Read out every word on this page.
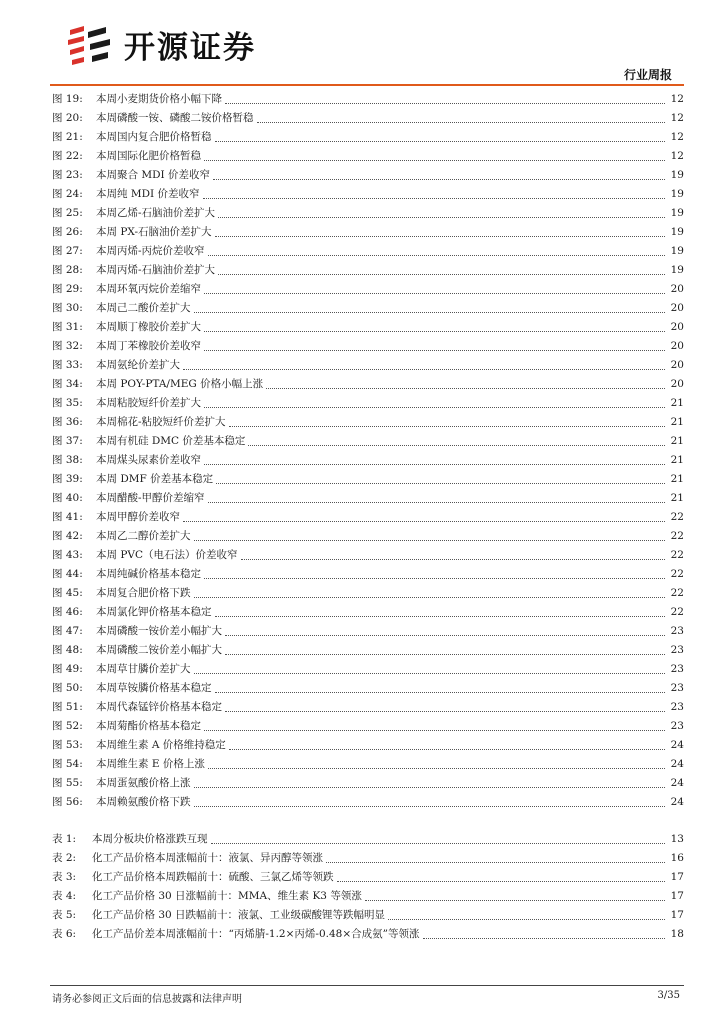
开源证券
行业周报
图 19:	本周小麦期货价格小幅下降	12
图 20:	本周磷酸一铵、磷酸二铵价格暂稳	12
图 21:	本周国内复合肥价格暂稳	12
图 22:	本周国际化肥价格暂稳	12
图 23:	本周聚合 MDI 价差收窄	19
图 24:	本周纯 MDI 价差收窄	19
图 25:	本周乙烯-石脑油价差扩大	19
图 26:	本周 PX-石脑油价差扩大	19
图 27:	本周丙烯-丙烷价差收窄	19
图 28:	本周丙烯-石脑油价差扩大	19
图 29:	本周环氧丙烷价差缩窄	20
图 30:	本周己二酸价差扩大	20
图 31:	本周顺丁橡胶价差扩大	20
图 32:	本周丁苯橡胶价差收窄	20
图 33:	本周氨纶价差扩大	20
图 34:	本周 POY-PTA/MEG 价格小幅上涨	20
图 35:	本周粘胶短纤价差扩大	21
图 36:	本周棉花-粘胶短纤价差扩大	21
图 37:	本周有机硅 DMC 价差基本稳定	21
图 38:	本周煤头尿素价差收窄	21
图 39:	本周 DMF 价差基本稳定	21
图 40:	本周醋酸-甲醇价差缩窄	21
图 41:	本周甲醇价差收窄	22
图 42:	本周乙二醇价差扩大	22
图 43:	本周 PVC（电石法）价差收窄	22
图 44:	本周纯碱价格基本稳定	22
图 45:	本周复合肥价格下跌	22
图 46:	本周氯化钾价格基本稳定	22
图 47:	本周磷酸一铵价差小幅扩大	23
图 48:	本周磷酸二铵价差小幅扩大	23
图 49:	本周草甘膦价差扩大	23
图 50:	本周草铵膦价格基本稳定	23
图 51:	本周代森锰锌价格基本稳定	23
图 52:	本周菊酯价格基本稳定	23
图 53:	本周维生素 A 价格维持稳定	24
图 54:	本周维生素 E 价格上涨	24
图 55:	本周蛋氨酸价格上涨	24
图 56:	本周赖氨酸价格下跌	24
表 1:	本周分板块价格涨跌互现	13
表 2:	化工产品价格本周涨幅前十：液氯、异丙醇等领涨	16
表 3:	化工产品价格本周跌幅前十：硫酸、三氯乙烯等领跌	17
表 4:	化工产品价格 30 日涨幅前十：MMA、维生素 K3 等领涨	17
表 5:	化工产品价格 30 日跌幅前十：液氯、工业级碳酸锂等跌幅明显	17
表 6:	化工产品价差本周涨幅前十：“丙烯腈-1.2×丙烯-0.48×合成氨”等领涨	18
请务必参阅正文后面的信息披露和法律声明	3/35
